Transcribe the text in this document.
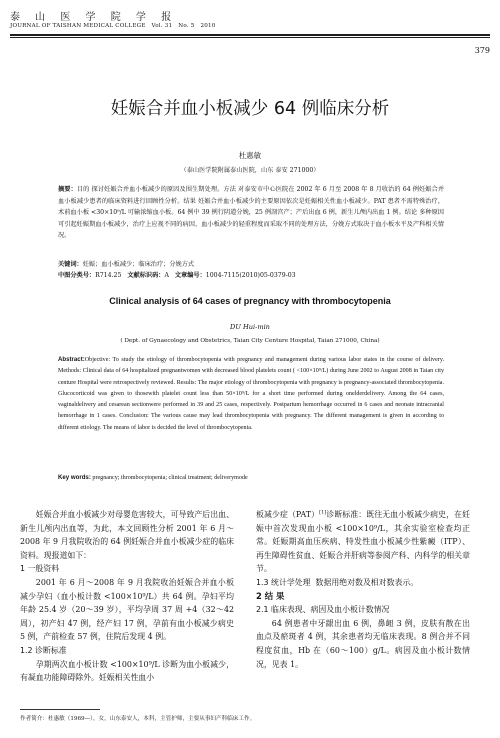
泰 山 医 学 院 学 报
JOURNAL OF TAISHAN MEDICAL COLLEGE Vol. 31 No. 5 2010
379
妊娠合并血小板减少 64 例临床分析
杜惠敏
（泰山医学院附属泰山医院，山东 泰安 271000）
摘要：目的 探讨妊娠合并血小板减少的原因及围生期处理。方法 对泰安市中心医院在 2002 年 6 月至 2008 年 8 月收治的 64 例妊娠合并血小板减少患者的临床资料进行回顾性分析。结果 妊娠合并血小板减少的主要原因依次是妊娠相关性血小板减少。PAT 患者不需特殊治疗，术前血小板 <30×10⁹/L 可输浓缩血小板。64 例中 39 例行阴道分娩，25 例剖宫产；产后出血 6 例，新生儿颅内出血 1 例。结论 多种原因可引起妊娠期血小板减少，治疗上应视不同的病因、血小板减少的轻重程度而采取不同的处理方法，分娩方式取决于血小板水平及产科相关情况。
关键词：妊娠；血小板减少；临床治疗；分娩方式
中图分类号：R714.25 文献标识码：A 文章编号：1004-7115(2010)05-0379-03
Clinical analysis of 64 cases of pregnancy with thrombocytopenia
DU Hui-min
( Dept. of Gynaecology and Obstetrics, Taian City Centure Hospital, Taian 271000, China)
Abstract:Objective: To study the etiology of thrombocytopenia with pregnancy and management during various labor states in the course of delivery. Methods: Clinical data of 64 hospitalized pregnantwomen with decreased blood platelets count ( <100×10⁹/L) during June 2002 to August 2008 in Taian city centure Hospital were retrospectively reviewed. Results: The major etiology of thrombocytopenia with pregnancy is pregnancy-associated thrombocytopenia. Glucocorticoid was given to thosewith platelet count less than 50×10⁹/L for a short time performed during onelderdelivery. Among the 64 cases, vaginaldelivery and cesarean sectionwere performed in 39 and 25 cases, respectively. Postpartum hemorrhage occurred in 6 cases and neonate intracranial hemorrhage in 1 cases. Conclusion: The various cause may lead thrombocytopenia with pregnancy. The different management is given in according to different etiology. The means of labor is decided the level of thrombocytopenia.
Key words: pregnancy; thrombocytopenia; clinical treatment; deliverymode

妊娠合并血小板减少对母婴危害较大，可导致产后出血、新生儿颅内出血等，为此，本文回顾性分析 2001 年 6 月～2008 年 9 月我院收治的 64 例妊娠合并血小板减少症的临床资料。现报道如下：

1 一般资料

2001 年 6 月～2008 年 9 月我院收治妊娠合并血小板减少孕妇（血小板计数 <100×10⁹/L）共 64 例。孕妇平均年龄 25.4 岁（20～39 岁），平均孕周 37 周 +4（32～42 周），初产妇 47 例，经产妇 17 例，孕前有血小板减少病史 5 例，产前检查 57 例，住院后发现 4 例。

1.2 诊断标准

孕期两次血小板计数 <100×10⁹/L 诊断为血小板减少，有凝血功能障碍除外。妊娠相关性血小

板减少症（PAT）[1]诊断标准：既往无血小板减少病史，在妊娠中首次发现血小板 <100×10⁹/L，其余实验室检查均正常。妊娠期高血压疾病、特发性血小板减少性紫癜（ITP）、再生障碍性贫血、妊娠合并肝病等参阅产科、内科学的相关章节。

1.3 统计学处理 数据用绝对数及相对数表示。

2 结 果

2.1 临床表现、病因及血小板计数情况

64 例患者中牙龈出血 6 例，鼻衄 3 例，皮肤有散在出血点及瘀斑者 4 例，其余患者均无临床表现。8 例合并不同程度贫血，Hb 在（60～100）g/L。病因及血小板计数情况，见表 1。

作者简介：杜惠敏（1969—），女，山东泰安人，本科，主管护师，主要从事妇产科临床工作。
